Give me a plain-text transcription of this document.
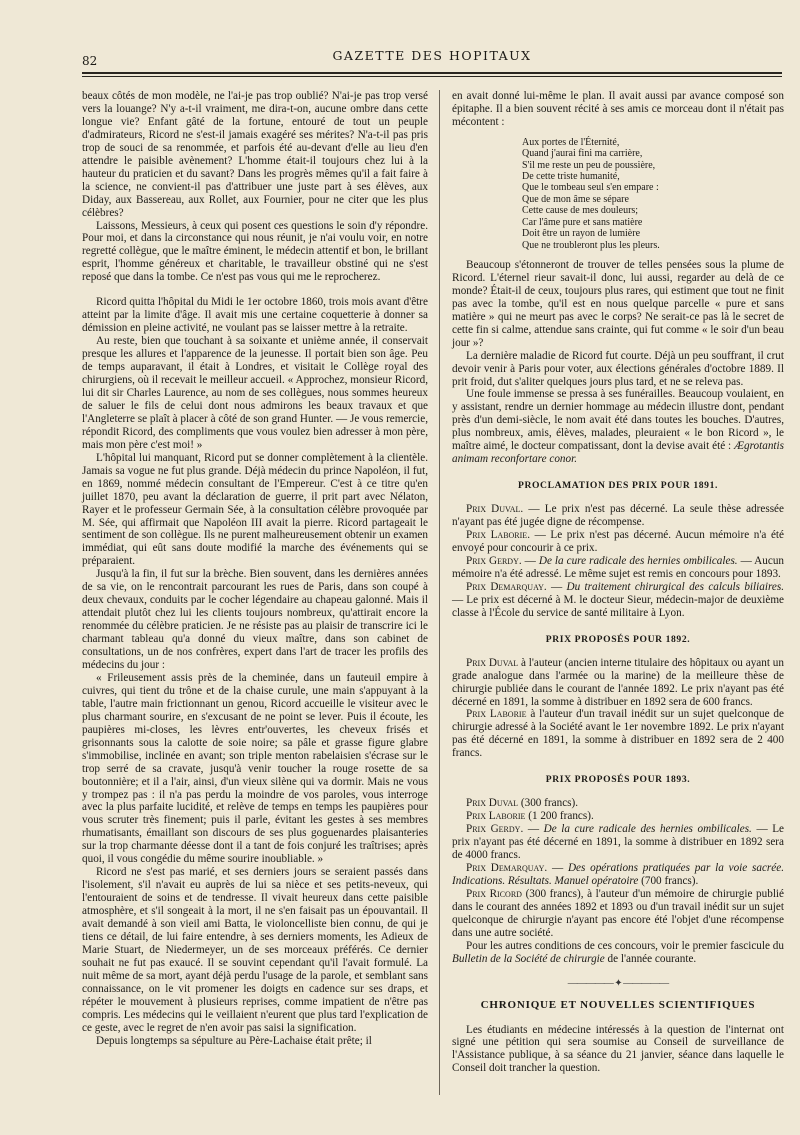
82	GAZETTE DES HOPITAUX

beaux côtés de mon modèle, ne l'ai-je pas trop oublié? N'ai-je pas trop versé vers la louange? N'y a-t-il vraiment, me dira-t-on, aucune ombre dans cette longue vie? Enfant gâté de la fortune, entouré de tout un peuple d'admirateurs, Ricord ne s'est-il jamais exagéré ses mérites? N'a-t-il pas pris trop de souci de sa renommée, et parfois été au-devant d'elle au lieu d'en attendre le paisible avènement? L'homme était-il toujours chez lui à la hauteur du praticien et du savant? Dans les progrès mêmes qu'il a fait faire à la science, ne convient-il pas d'attribuer une juste part à ses élèves, aux Diday, aux Bassereau, aux Rollet, aux Fournier, pour ne citer que les plus célèbres?

Laissons, Messieurs, à ceux qui posent ces questions le soin d'y répondre. Pour moi, et dans la circonstance qui nous réunit, je n'ai voulu voir, en notre regretté collègue, que le maître éminent, le médecin attentif et bon, le brillant esprit, l'homme généreux et charitable, le travailleur obstiné qui ne s'est reposé que dans la tombe. Ce n'est pas vous qui me le reprocherez.

Ricord quitta l'hôpital du Midi le 1er octobre 1860, trois mois avant d'être atteint par la limite d'âge. Il avait mis une certaine coquetterie à donner sa démission en pleine activité, ne voulant pas se laisser mettre à la retraite.

Au reste, bien que touchant à sa soixante et unième année, il conservait presque les allures et l'apparence de la jeunesse. Il portait bien son âge. Peu de temps auparavant, il était à Londres, et visitait le Collège royal des chirurgiens, où il recevait le meilleur accueil. « Approchez, monsieur Ricord, lui dit sir Charles Laurence, au nom de ses collègues, nous sommes heureux de saluer le fils de celui dont nous admirons les beaux travaux et que l'Angleterre se plaît à placer à côté de son grand Hunter. — Je vous remercie, répondit Ricord, des compliments que vous voulez bien adresser à mon père, mais mon père c'est moi! »

L'hôpital lui manquant, Ricord put se donner complètement à la clientèle. Jamais sa vogue ne fut plus grande. Déjà médecin du prince Napoléon, il fut, en 1869, nommé médecin consultant de l'Empereur. C'est à ce titre qu'en juillet 1870, peu avant la déclaration de guerre, il prit part avec Nélaton, Rayer et le professeur Germain Sée, à la consultation célèbre provoquée par M. Sée, qui affirmait que Napoléon III avait la pierre. Ricord partageait le sentiment de son collègue. Ils ne purent malheureusement obtenir un examen immédiat, qui eût sans doute modifié la marche des événements qui se préparaient.

Jusqu'à la fin, il fut sur la brèche. Bien souvent, dans les dernières années de sa vie, on le rencontrait parcourant les rues de Paris, dans son coupé à deux chevaux, conduits par le cocher légendaire au chapeau galonné. Mais il attendait plutôt chez lui les clients toujours nombreux, qu'attirait encore la renommée du célèbre praticien. Je ne résiste pas au plaisir de transcrire ici le charmant tableau qu'a donné du vieux maître, dans son cabinet de consultations, un de nos confrères, expert dans l'art de tracer les profils des médecins du jour :

« Frileusement assis près de la cheminée, dans un fauteuil empire à cuivres, qui tient du trône et de la chaise curule, une main s'appuyant à la table, l'autre main frictionnant un genou, Ricord accueille le visiteur avec le plus charmant sourire, en s'excusant de ne point se lever. Puis il écoute, les paupières mi-closes, les lèvres entr'ouvertes, les cheveux frisés et grisonnants sous la calotte de soie noire; sa pâle et grasse figure glabre s'immobilise, inclinée en avant; son triple menton rabelaisien s'écrase sur le trop serré de sa cravate, jusqu'à venir toucher la rouge rosette de sa boutonnière; et il a l'air, ainsi, d'un vieux silène qui va dormir. Mais ne vous y trompez pas : il n'a pas perdu la moindre de vos paroles, vous interroge avec la plus parfaite lucidité, et relève de temps en temps les paupières pour vous scruter très finement; puis il parle, évitant les gestes à ses membres rhumatisants, émaillant son discours de ses plus goguenardes plaisanteries sur la trop charmante déesse dont il a tant de fois conjuré les traîtrises; après quoi, il vous congédie du même sourire inoubliable. »

Ricord ne s'est pas marié, et ses derniers jours se seraient passés dans l'isolement, s'il n'avait eu auprès de lui sa nièce et ses petits-neveux, qui l'entouraient de soins et de tendresse. Il vivait heureux dans cette paisible atmosphère, et s'il songeait à la mort, il ne s'en faisait pas un épouvantail. Il avait demandé à son vieil ami Batta, le violoncelliste bien connu, de qui je tiens ce détail, de lui faire entendre, à ses derniers moments, les Adieux de Marie Stuart, de Niedermeyer, un de ses morceaux préférés. Ce dernier souhait ne fut pas exaucé. Il se souvint cependant qu'il l'avait formulé. La nuit même de sa mort, ayant déjà perdu l'usage de la parole, et semblant sans connaissance, on le vit promener les doigts en cadence sur ses draps, et répéter le mouvement à plusieurs reprises, comme impatient de n'être pas compris. Les médecins qui le veillaient n'eurent que plus tard l'explication de ce geste, avec le regret de n'en avoir pas saisi la signification.

Depuis longtemps sa sépulture au Père-Lachaise était prête; il

en avait donné lui-même le plan. Il avait aussi par avance composé son épitaphe. Il a bien souvent récité à ses amis ce morceau dont il n'était pas mécontent :

Aux portes de l'Éternité,
Quand j'aurai fini ma carrière,
S'il me reste un peu de poussière,
De cette triste humanité,
Que le tombeau seul s'en empare :
Que de mon âme se sépare
Cette cause de mes douleurs;
Car l'âme pure et sans matière
Doit être un rayon de lumière
Que ne troubleront plus les pleurs.

Beaucoup s'étonneront de trouver de telles pensées sous la plume de Ricord. L'éternel rieur savait-il donc, lui aussi, regarder au delà de ce monde? Était-il de ceux, toujours plus rares, qui estiment que tout ne finit pas avec la tombe, qu'il est en nous quelque parcelle « pure et sans matière » qui ne meurt pas avec le corps? Ne serait-ce pas là le secret de cette fin si calme, attendue sans crainte, qui fut comme « le soir d'un beau jour »?

La dernière maladie de Ricord fut courte. Déjà un peu souffrant, il crut devoir venir à Paris pour voter, aux élections générales d'octobre 1889. Il prit froid, dut s'aliter quelques jours plus tard, et ne se releva pas.

Une foule immense se pressa à ses funérailles. Beaucoup voulaient, en y assistant, rendre un dernier hommage au médecin illustre dont, pendant près d'un demi-siècle, le nom avait été dans toutes les bouches. D'autres, plus nombreux, amis, élèves, malades, pleuraient « le bon Ricord », le maître aimé, le docteur compatissant, dont la devise avait été : Ægrotantis animam reconfortare conor.

PROCLAMATION DES PRIX POUR 1891.

Prix Duval. — Le prix n'est pas décerné. La seule thèse adressée n'ayant pas été jugée digne de récompense.

Prix Laborie. — Le prix n'est pas décerné. Aucun mémoire n'a été envoyé pour concourir à ce prix.

Prix Gerdy. — De la cure radicale des hernies ombilicales. — Aucun mémoire n'a été adressé. Le même sujet est remis en concours pour 1893.

Prix Demarquay. — Du traitement chirurgical des calculs biliaires. — Le prix est décerné à M. le docteur Sieur, médecin-major de deuxième classe à l'École du service de santé militaire à Lyon.

PRIX PROPOSÉS POUR 1892.

Prix Duval à l'auteur (ancien interne titulaire des hôpitaux ou ayant un grade analogue dans l'armée ou la marine) de la meilleure thèse de chirurgie publiée dans le courant de l'année 1892. Le prix n'ayant pas été décerné en 1891, la somme à distribuer en 1892 sera de 600 francs.

Prix Laborie à l'auteur d'un travail inédit sur un sujet quelconque de chirurgie adressé à la Société avant le 1er novembre 1892. Le prix n'ayant pas été décerné en 1891, la somme à distribuer en 1892 sera de 2 400 francs.

PRIX PROPOSÉS POUR 1893.

Prix Duval (300 francs).

Prix Laborie (1 200 francs).

Prix Gerdy. — De la cure radicale des hernies ombilicales. — Le prix n'ayant pas été décerné en 1891, la somme à distribuer en 1892 sera de 4000 francs.

Prix Demarquay. — Des opérations pratiquées par la voie sacrée. Indications. Résultats. Manuel opératoire (700 francs).

Prix Ricord (300 francs), à l'auteur d'un mémoire de chirurgie publié dans le courant des années 1892 et 1893 ou d'un travail inédit sur un sujet quelconque de chirurgie n'ayant pas encore été l'objet d'une récompense dans une autre société.

Pour les autres conditions de ces concours, voir le premier fascicule du Bulletin de la Société de chirurgie de l'année courante.

————— ✦ —————
CHRONIQUE ET NOUVELLES SCIENTIFIQUES

Les étudiants en médecine intéressés à la question de l'internat ont signé une pétition qui sera soumise au Conseil de surveillance de l'Assistance publique, à sa séance du 21 janvier, séance dans laquelle le Conseil doit trancher la question.
